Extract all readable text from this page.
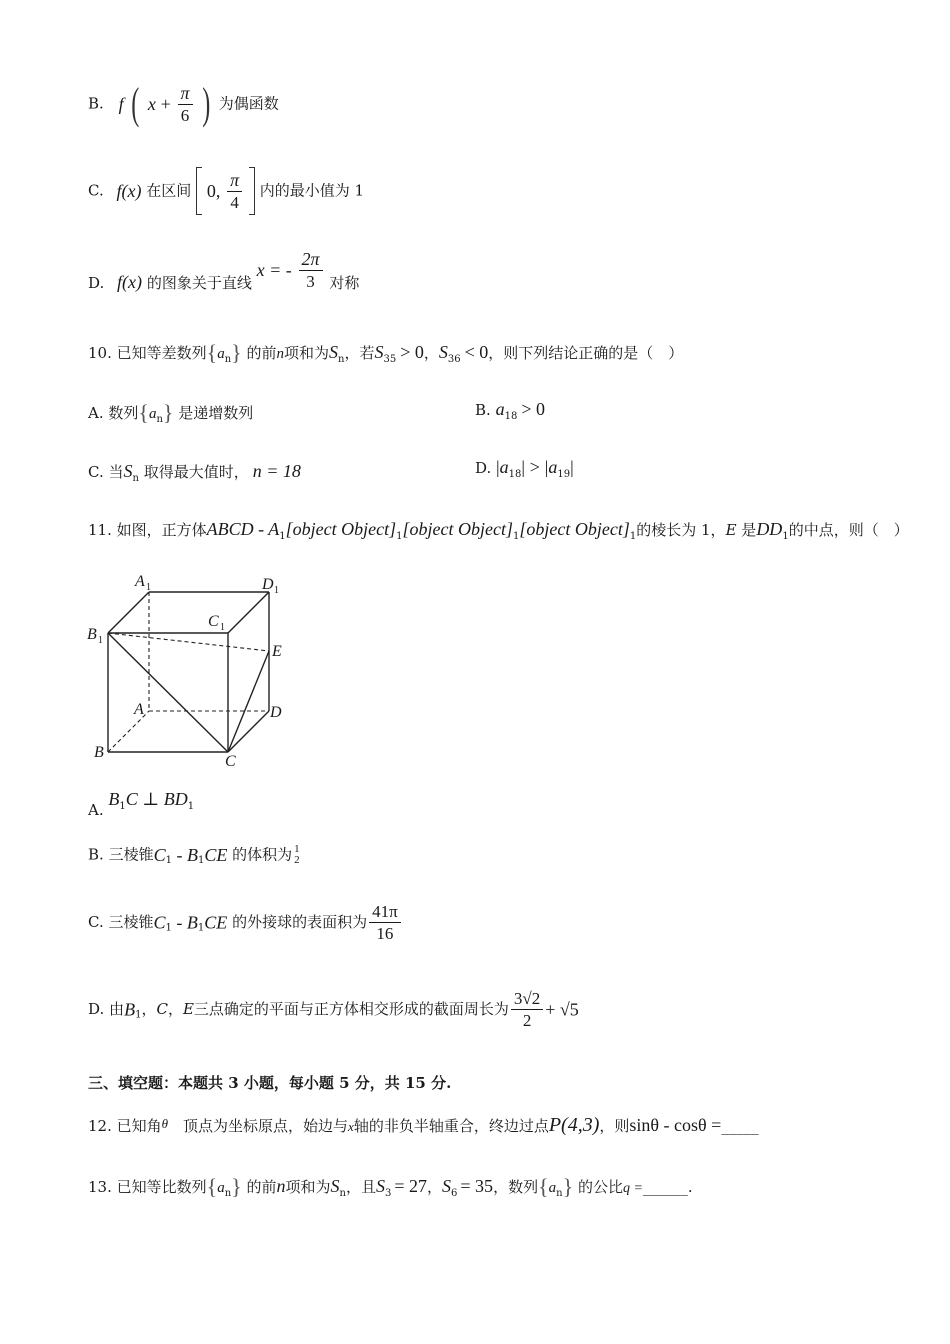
B. f ( $x + \frac{\pi}{6}$ ) 为偶函数
C. f(x) 在区间 0, $\frac{\pi}{4}$ 内的最小值为 1
D. f(x) 的图象关于直线 x = - $\frac{2\pi}{3}$ 对称
10. 已知等差数列$\{a_n\}$ 的前n项和为$S_n$，若$S_{35} > 0$，$S_{36} < 0$，则下列结论正确的是（　）
A. 数列$\{a_n\}$ 是递增数列	B. $a_{18} > 0$
C. 当$S_n$ 取得最大值时， n = 18	D. $|a_{18}| > |a_{19}|$
11. 如图，正方体ABCD - $A_1[object$ $Object]_1[object$ $Object]_1[object$ $Object]_1$的棱长为 1，E 是$DD_1$的中点，则（　）
A 1	D 1
B 1
C 1
E
A	D
B
C
A. $B_1C$ ⊥ $BD_1$
B. 三棱锥$C_1 - B_1CE$ 的体积为 1
2
C. 三棱锥$C_1 - B_1CE$ 的外接球的表面积为 $\frac{41\pi}{16}$
D. 由$B_1$，C，E三点确定的平面与正方体相交形成的截面周长为 $\frac{3√2}{2} + √5$
三、填空题：本题共 3 小题，每小题 5 分，共 15 分.
12. 已知角θ　 顶点为坐标原点，始边与x轴的非负半轴重合，终边过点P(4,3)，则sinθ - cosθ =_____
13. 已知等比数列$\{a_n\}$ 的前n项和为$S_n$，且$S_3 = 27$，$S_6 = 35$，数列$\{a_n\}$ 的公比q =______.
